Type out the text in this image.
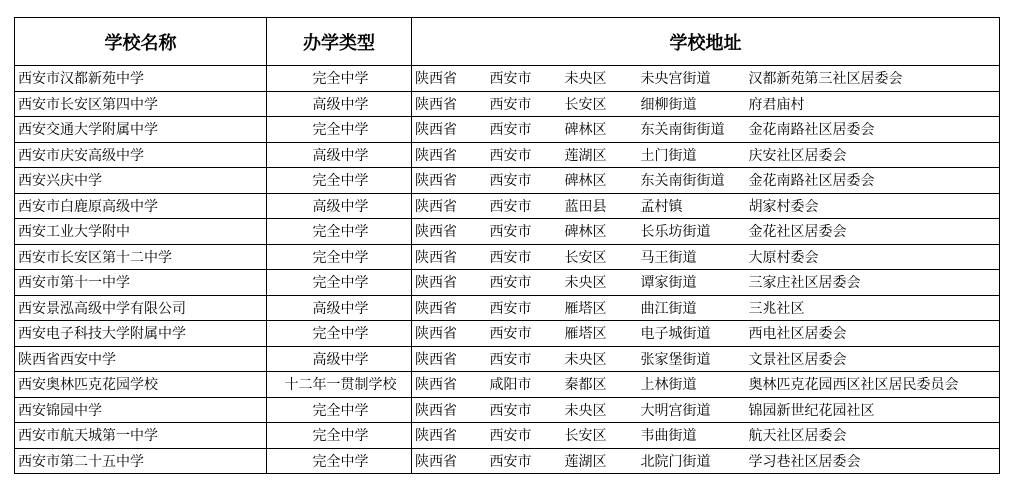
学校名称	办学类型	学校地址				
西安市汉都新苑中学	完全中学	陕西省	西安市	未央区	未央宫街道	汉都新苑第三社区居委会
西安市长安区第四中学	高级中学	陕西省	西安市	长安区	细柳街道	府君庙村
西安交通大学附属中学	完全中学	陕西省	西安市	碑林区	东关南街街道	金花南路社区居委会
西安市庆安高级中学	高级中学	陕西省	西安市	莲湖区	土门街道	庆安社区居委会
西安兴庆中学	完全中学	陕西省	西安市	碑林区	东关南街街道	金花南路社区居委会
西安市白鹿原高级中学	高级中学	陕西省	西安市	蓝田县	孟村镇	胡家村委会
西安工业大学附中	完全中学	陕西省	西安市	碑林区	长乐坊街道	金花社区居委会
西安市长安区第十二中学	完全中学	陕西省	西安市	长安区	马王街道	大原村委会
西安市第十一中学	完全中学	陕西省	西安市	未央区	谭家街道	三家庄社区居委会
西安景泓高级中学有限公司	高级中学	陕西省	西安市	雁塔区	曲江街道	三兆社区
西安电子科技大学附属中学	完全中学	陕西省	西安市	雁塔区	电子城街道	西电社区居委会
陕西省西安中学	高级中学	陕西省	西安市	未央区	张家堡街道	文景社区居委会
西安奥林匹克花园学校	十二年一贯制学校	陕西省	咸阳市	秦都区	上林街道	奥林匹克花园西区社区居民委员会
西安锦园中学	完全中学	陕西省	西安市	未央区	大明宫街道	锦园新世纪花园社区
西安市航天城第一中学	完全中学	陕西省	西安市	长安区	韦曲街道	航天社区居委会
西安市第二十五中学	完全中学	陕西省	西安市	莲湖区	北院门街道	学习巷社区居委会
